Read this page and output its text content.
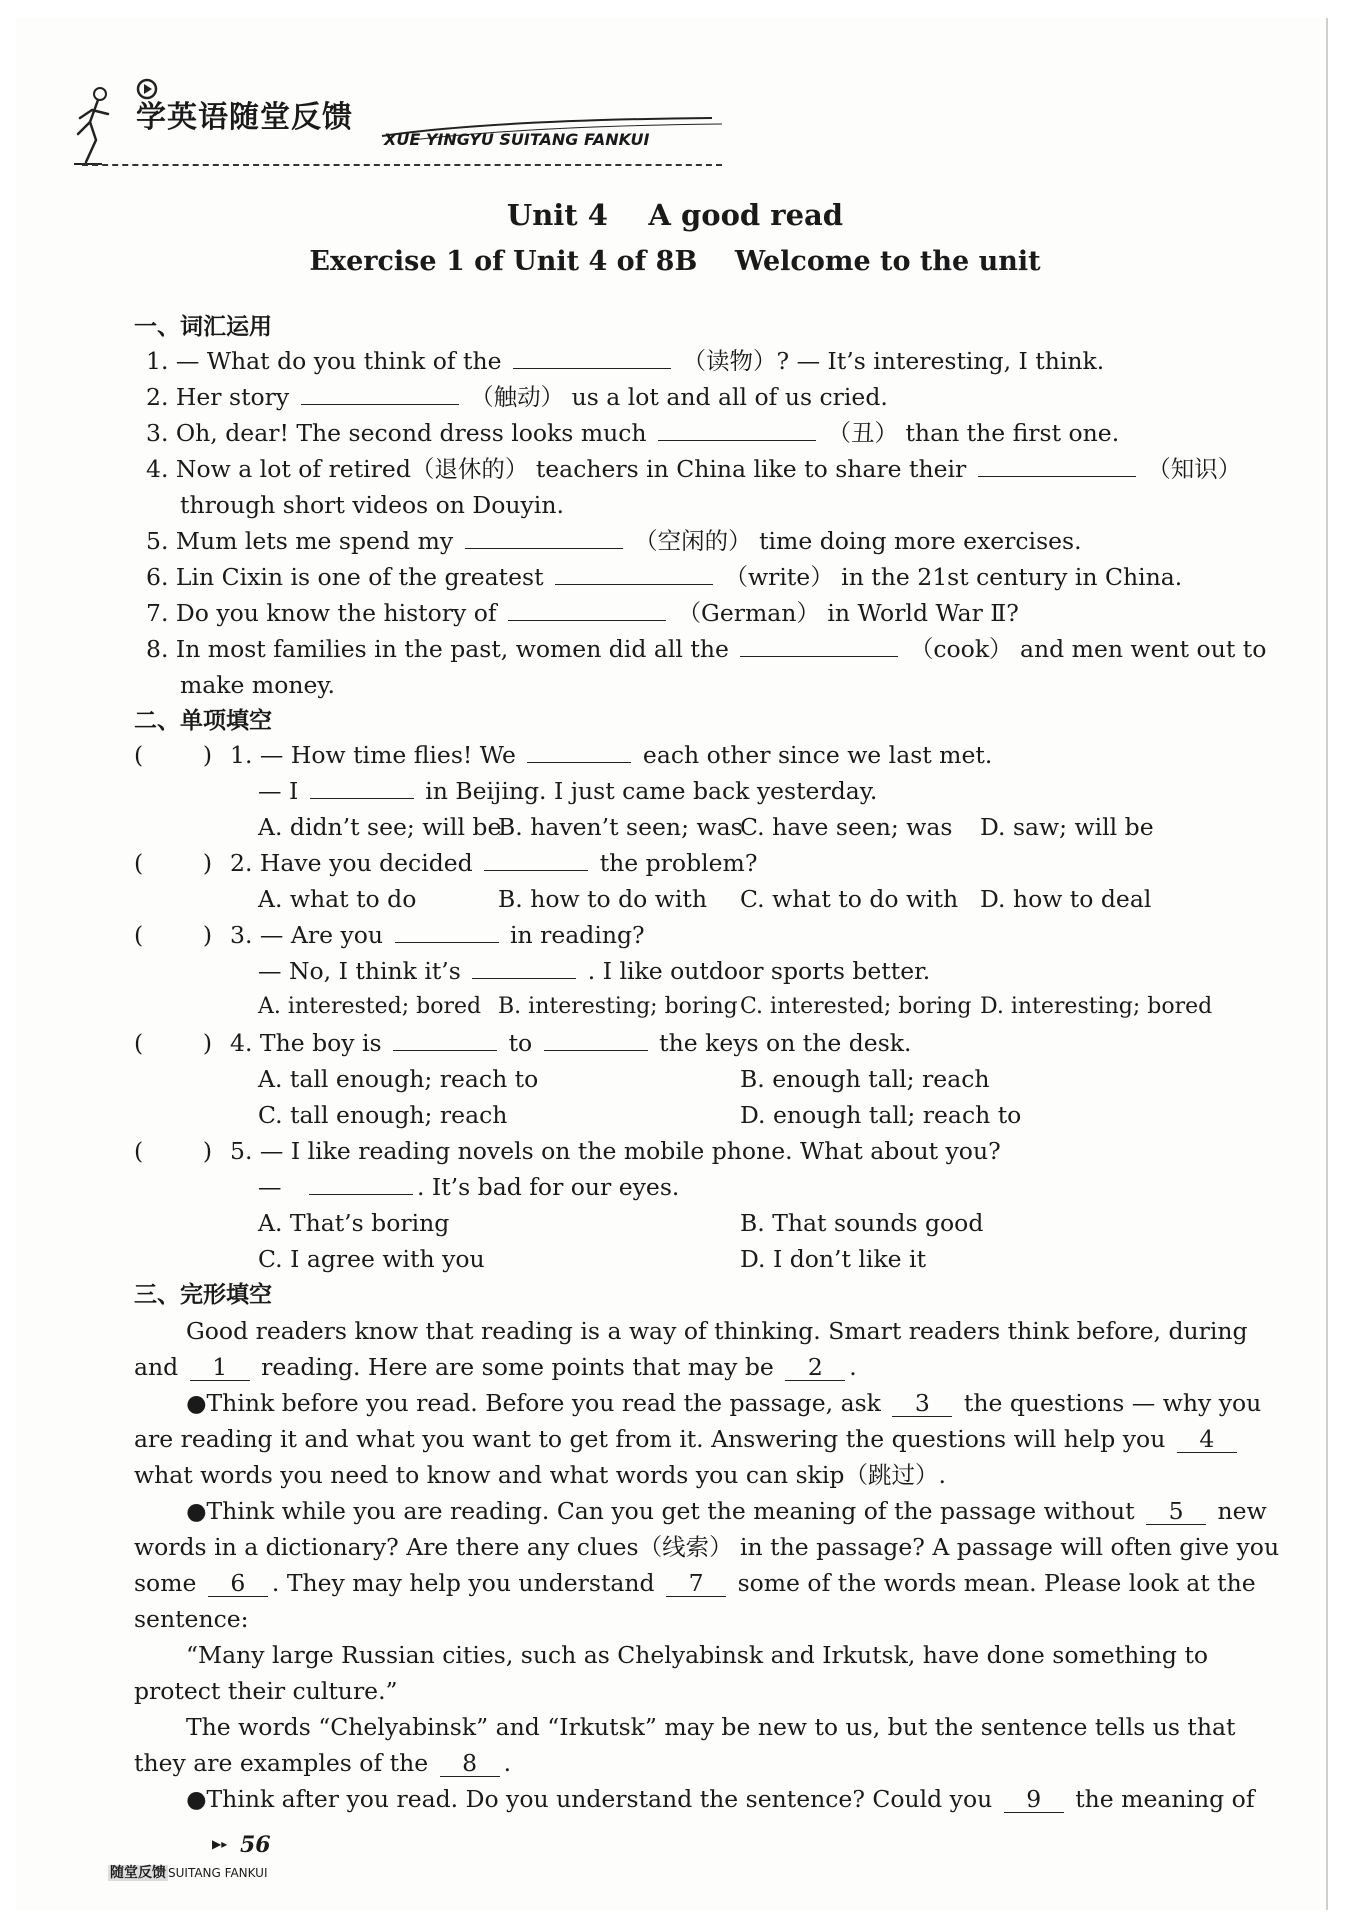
学英语随堂反馈
XUE YINGYU SUITANG FANKUI
Unit 4    A good read
Exercise 1 of Unit 4 of 8B    Welcome to the unit
一、词汇运用
1. — What do you think of the	（读物）? — It’s interesting, I think.
2. Her story	（触动） us a lot and all of us cried.
3. Oh, dear! The second dress looks much	（丑） than the first one.
4. Now a lot of retired（退休的） teachers in China like to share their	（知识）
through short videos on Douyin.
5. Mum lets me spend my	（空闲的） time doing more exercises.
6. Lin Cixin is one of the greatest	（write） in the 21st century in China.
7. Do you know the history of	（German） in World War Ⅱ?
8. In most families in the past, women did all the	（cook） and men went out to
make money.
二、单项填空
(        ) 1. — How time flies! We	each other since we last met.
— I	in Beijing. I just came back yesterday.
A. didn’t see; will be
B. haven’t seen; was
C. have seen; was D. saw; will be
(        ) 2. Have you decided	the problem?
A. what to do	B. how to do with C. what to do with D. how to deal
(        ) 3. — Are you	in reading?
— No, I think it’s	. I like outdoor sports better.
A. interested; bored B. interesting; boring C. interested; boring D. interesting; bored
(        ) 4. The boy is	to	the keys on the desk.
A. tall enough; reach to	B. enough tall; reach
C. tall enough; reach	D. enough tall; reach to
(        ) 5. — I like reading novels on the mobile phone. What about you?
—	. It’s bad for our eyes.
A. That’s boring	B. That sounds good
C. I agree with you	D. I don’t like it
三、完形填空
Good readers know that reading is a way of thinking. Smart readers think before, during
and 1 reading. Here are some points that may be 2 .
●Think before you read. Before you read the passage, ask 3 the questions — why you
are reading it and what you want to get from it. Answering the questions will help you 4
what words you need to know and what words you can skip（跳过）.
●Think while you are reading. Can you get the meaning of the passage without 5 new
words in a dictionary? Are there any clues（线索） in the passage? A passage will often give you
some 6 . They may help you understand 7 some of the words mean. Please look at the
sentence:
“Many large Russian cities, such as Chelyabinsk and Irkutsk, have done something to
protect their culture.”
The words “Chelyabinsk” and “Irkutsk” may be new to us, but the sentence tells us that
they are examples of the 8 .
●Think after you read. Do you understand the sentence? Could you 9 the meaning of
▶▸ 56
随堂反馈 SUITANG FANKUI
